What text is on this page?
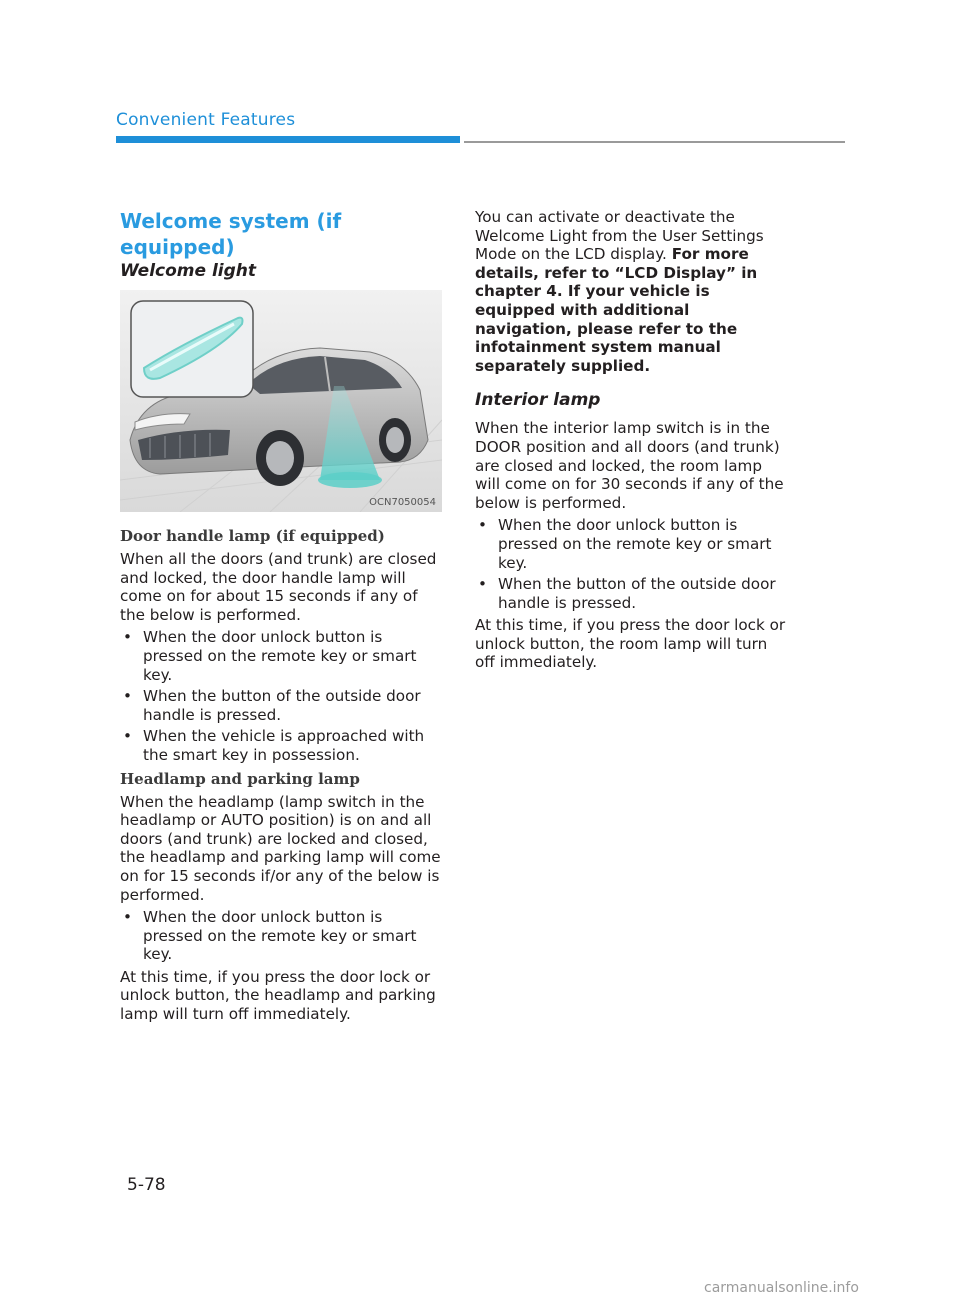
Convenient Features
Welcome system (if equipped)
Welcome light
OCN7050054
Door handle lamp (if equipped)

When all the doors (and trunk) are closed and locked, the door handle lamp will come on for about 15 seconds if any of the below is performed.

• When the door unlock button is pressed on the remote key or smart key.
• When the button of the outside door handle is pressed.
• When the vehicle is approached with the smart key in possession.
Headlamp and parking lamp

When the headlamp (lamp switch in the headlamp or AUTO position) is on and all doors (and trunk) are locked and closed, the headlamp and parking lamp will come on for 15 seconds if/or any of the below is performed.

• When the door unlock button is pressed on the remote key or smart key.

At this time, if you press the door lock or unlock button, the headlamp and parking lamp will turn off immediately.

You can activate or deactivate the Welcome Light from the User Settings Mode on the LCD display. For more details, refer to “LCD Display” in chapter 4. If your vehicle is equipped with additional navigation, please refer to the infotainment system manual separately supplied.

Interior lamp

When the interior lamp switch is in the DOOR position and all doors (and trunk) are closed and locked, the room lamp will come on for 30 seconds if any of the below is performed.

• When the door unlock button is pressed on the remote key or smart key.
• When the button of the outside door handle is pressed.

At this time, if you press the door lock or unlock button, the room lamp will turn off immediately.

5-78
carmanualsonline.info
